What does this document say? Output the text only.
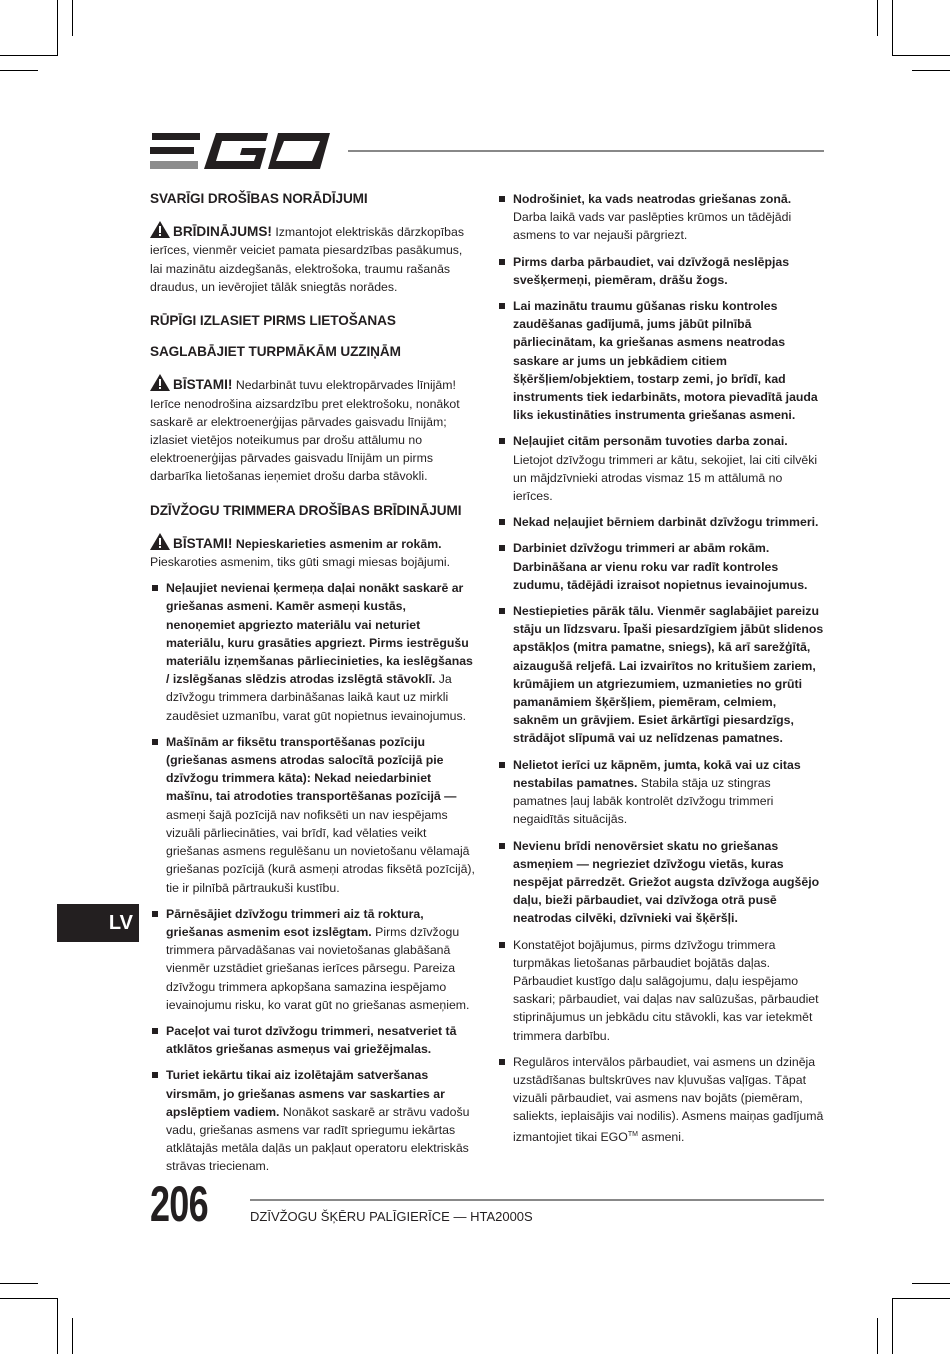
SVARĪGI DROŠĪBAS NORĀDĪJUMI

BRĪDINĀJUMS! Izmantojot elektriskās dārzkopības ierīces, vienmēr veiciet pamata piesardzības pasākumus, lai mazinātu aizdegšanās, elektrošoka, traumu rašanās draudus, un ievērojiet tālāk sniegtās norādes.

RŪPĪGI IZLASIET PIRMS LIETOŠANAS
SAGLABĀJIET TURPMĀKĀM UZZIŅĀM

BĪSTAMI! Nedarbināt tuvu elektropārvades līnijām! Ierīce nenodrošina aizsardzību pret elektrošoku, nonākot saskarē ar elektroenerģijas pārvades gaisvadu līnijām; izlasiet vietējos noteikumus par drošu attālumu no elektroenerģijas pārvades gaisvadu līnijām un pirms darbarīka lietošanas ieņemiet drošu darba stāvokli.

DZĪVŽOGU TRIMMERA DROŠĪBAS BRĪDINĀJUMI

BĪSTAMI! Nepieskarieties asmenim ar rokām. Pieskaroties asmenim, tiks gūti smagi miesas bojājumi.

Neļaujiet nevienai ķermeņa daļai nonākt saskarē ar griešanas asmeni. Kamēr asmeņi kustās, nenoņemiet apgriezto materiālu vai neturiet materiālu, kuru grasāties apgriezt. Pirms iestrēgušu materiālu izņemšanas pārliecinieties, ka ieslēgšanas / izslēgšanas slēdzis atrodas izslēgtā stāvoklī. Ja dzīvžogu trimmera darbināšanas laikā kaut uz mirkli zaudēsiet uzmanību, varat gūt nopietnus ievainojumus.
Mašīnām ar fiksētu transportēšanas pozīciju (griešanas asmens atrodas salocītā pozīcijā pie dzīvžogu trimmera kāta): Nekad neiedarbiniet mašīnu, tai atrodoties transportēšanas pozīcijā — asmeņi šajā pozīcijā nav nofiksēti un nav iespējams vizuāli pārliecināties, vai brīdī, kad vēlaties veikt griešanas asmens regulēšanu un novietošanu vēlamajā griešanas pozīcijā (kurā asmeņi atrodas fiksētā pozīcijā), tie ir pilnībā pārtraukuši kustību.
Pārnēsājiet dzīvžogu trimmeri aiz tā roktura, griešanas asmenim esot izslēgtam. Pirms dzīvžogu trimmera pārvadāšanas vai novietošanas glabāšanā vienmēr uzstādiet griešanas ierīces pārsegu. Pareiza dzīvžogu trimmera apkopšana samazina iespējamo ievainojumu risku, ko varat gūt no griešanas asmeņiem.
Paceļot vai turot dzīvžogu trimmeri, nesatveriet tā atklātos griešanas asmeņus vai griežējmalas.
Turiet iekārtu tikai aiz izolētajām satveršanas virsmām, jo griešanas asmens var saskarties ar apslēptiem vadiem. Nonākot saskarē ar strāvu vadošu vadu, griešanas asmens var radīt spriegumu iekārtas atklātajās metāla daļās un pakļaut operatoru elektriskās strāvas triecienam.
Nodrošiniet, ka vads neatrodas griešanas zonā. Darba laikā vads var paslēpties krūmos un tādējādi asmens to var nejauši pārgriezt.
Pirms darba pārbaudiet, vai dzīvžogā neslēpjas svešķermeņi, piemēram, drāšu žogs.
Lai mazinātu traumu gūšanas risku kontroles zaudēšanas gadījumā, jums jābūt pilnībā pārliecinātam, ka griešanas asmens neatrodas saskare ar jums un jebkādiem citiem šķēršļiem/objektiem, tostarp zemi, jo brīdī, kad instruments tiek iedarbināts, motora pievadītā jauda liks iekustināties instrumenta griešanas asmeni.
Neļaujiet citām personām tuvoties darba zonai. Lietojot dzīvžogu trimmeri ar kātu, sekojiet, lai citi cilvēki un mājdzīvnieki atrodas vismaz 15 m attālumā no ierīces.
Nekad neļaujiet bērniem darbināt dzīvžogu trimmeri.
Darbiniet dzīvžogu trimmeri ar abām rokām. Darbināšana ar vienu roku var radīt kontroles zudumu, tādējādi izraisot nopietnus ievainojumus.
Nestiepieties pārāk tālu. Vienmēr saglabājiet pareizu stāju un līdzsvaru. Īpaši piesardzīgiem jābūt slidenos apstākļos (mitra pamatne, sniegs), kā arī sarežģītā, aizaugušā reljefā. Lai izvairītos no kritušiem zariem, krūmājiem un atgriezumiem, uzmanieties no grūti pamanāmiem šķēršļiem, piemēram, celmiem, saknēm un grāvjiem. Esiet ārkārtīgi piesardzīgs, strādājot slīpumā vai uz nelīdzenas pamatnes.
Nelietot ierīci uz kāpnēm, jumta, kokā vai uz citas nestabilas pamatnes. Stabila stāja uz stingras pamatnes ļauj labāk kontrolēt dzīvžogu trimmeri negaidītās situācijās.
Nevienu brīdi nenovērsiet skatu no griešanas asmeņiem — negrieziet dzīvžogu vietās, kuras nespējat pārredzēt. Griežot augsta dzīvžoga augšējo daļu, bieži pārbaudiet, vai dzīvžoga otrā pusē neatrodas cilvēki, dzīvnieki vai šķēršļi.
Konstatējot bojājumus, pirms dzīvžogu trimmera turpmākas lietošanas pārbaudiet bojātās daļas. Pārbaudiet kustīgo daļu salāgojumu, daļu iespējamo saskari; pārbaudiet, vai daļas nav salūzušas, pārbaudiet stiprinājumus un jebkādu citu stāvokli, kas var ietekmēt trimmera darbību.
Regulāros intervālos pārbaudiet, vai asmens un dzinēja uzstādīšanas bultskrūves nav kļuvušas vaļīgas. Tāpat vizuāli pārbaudiet, vai asmens nav bojāts (piemēram, saliekts, ieplaisājis vai nodilis). Asmens maiņas gadījumā izmantojiet tikai EGO™ asmeni.
LV
206	DZĪVŽOGU ŠĶĒRU PALĪGIERĪCE — HTA2000S
